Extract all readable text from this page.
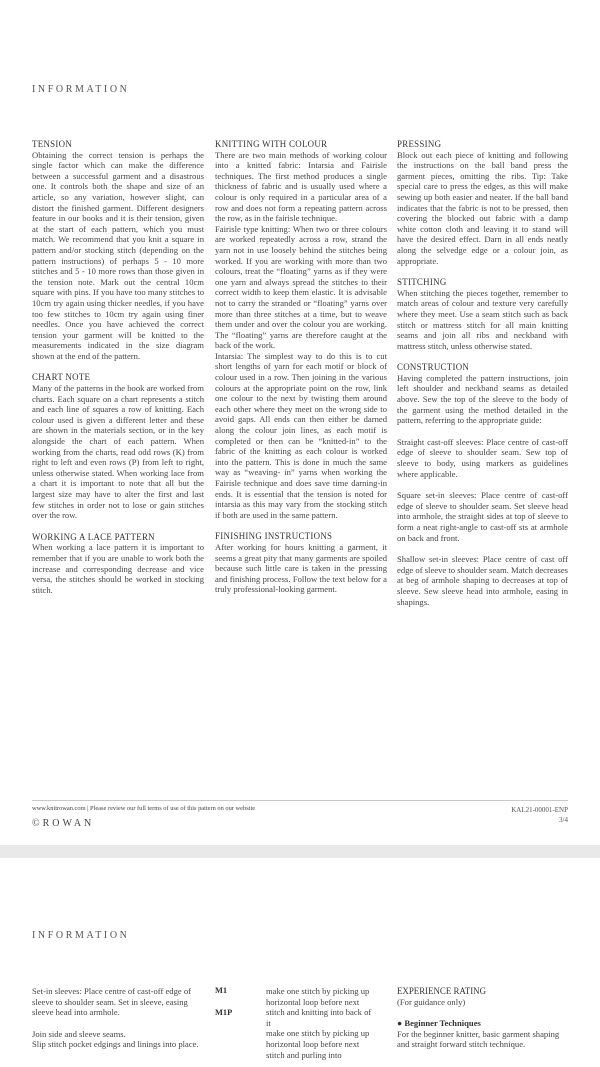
INFORMATION
TENSION

Obtaining the correct tension is perhaps the single factor which can make the difference between a successful garment and a disastrous one. It controls both the shape and size of an article, so any variation, however slight, can distort the finished garment. Different designers feature in our books and it is their tension, given at the start of each pattern, which you must match. We recommend that you knit a square in pattern and/or stocking stitch (depending on the pattern instructions) of perhaps 5 - 10 more stitches and 5 - 10 more rows than those given in the tension note. Mark out the central 10cm square with pins. If you have too many stitches to 10cm try again using thicker needles, if you have too few stitches to 10cm try again using finer needles. Once you have achieved the correct tension your garment will be knitted to the measurements indicated in the size diagram shown at the end of the pattern.

CHART NOTE

Many of the patterns in the book are worked from charts. Each square on a chart represents a stitch and each line of squares a row of knitting. Each colour used is given a different letter and these are shown in the materials section, or in the key alongside the chart of each pattern. When working from the charts, read odd rows (K) from right to left and even rows (P) from left to right, unless otherwise stated. When working lace from a chart it is important to note that all but the largest size may have to alter the first and last few stitches in order not to lose or gain stitches over the row.

WORKING A LACE PATTERN

When working a lace pattern it is important to remember that if you are unable to work both the increase and corresponding decrease and vice versa, the stitches should be worked in stocking stitch.

KNITTING WITH COLOUR

There are two main methods of working colour into a knitted fabric: Intarsia and Fairisle techniques. The first method produces a single thickness of fabric and is usually used where a colour is only required in a particular area of a row and does not form a repeating pattern across the row, as in the fairisle technique.

Fairisle type knitting: When two or three colours are worked repeatedly across a row, strand the yarn not in use loosely behind the stitches being worked. If you are working with more than two colours, treat the “floating” yarns as if they were one yarn and always spread the stitches to their correct width to keep them elastic. It is advisable not to carry the stranded or “floating” yarns over more than three stitches at a time, but to weave them under and over the colour you are working. The “floating” yarns are therefore caught at the back of the work.

Intarsia: The simplest way to do this is to cut short lengths of yarn for each motif or block of colour used in a row. Then joining in the various colours at the appropriate point on the row, link one colour to the next by twisting them around each other where they meet on the wrong side to avoid gaps. All ends can then either be darned along the colour join lines, as each motif is completed or then can be “knitted-in” to the fabric of the knitting as each colour is worked into the pattern. This is done in much the same way as “weaving- in” yarns when working the Fairisle technique and does save time darning-in ends. It is essential that the tension is noted for intarsia as this may vary from the stocking stitch if both are used in the same pattern.

FINISHING INSTRUCTIONS

After working for hours knitting a garment, it seems a great pity that many garments are spoiled because such little care is taken in the pressing and finishing process. Follow the text below for a truly professional-looking garment.

PRESSING

Block out each piece of knitting and following the instructions on the ball band press the garment pieces, omitting the ribs. Tip: Take special care to press the edges, as this will make sewing up both easier and neater. If the ball band indicates that the fabric is not to be pressed, then covering the blocked out fabric with a damp white cotton cloth and leaving it to stand will have the desired effect. Darn in all ends neatly along the selvedge edge or a colour join, as appropriate.

STITCHING

When stitching the pieces together, remember to match areas of colour and texture very carefully where they meet. Use a seam stitch such as back stitch or mattress stitch for all main knitting seams and join all ribs and neckband with mattress stitch, unless otherwise stated.

CONSTRUCTION

Having completed the pattern instructions, join left shoulder and neckband seams as detailed above. Sew the top of the sleeve to the body of the garment using the method detailed in the pattern, referring to the appropriate guide:

Straight cast-off sleeves: Place centre of cast-off edge of sleeve to shoulder seam. Sew top of sleeve to body, using markers as guidelines where applicable.

Square set-in sleeves: Place centre of cast-off edge of sleeve to shoulder seam. Set sleeve head into armhole, the straight sides at top of sleeve to form a neat right-angle to cast-off sts at armhole on back and front.

Shallow set-in sleeves: Place centre of cast off edge of sleeve to shoulder seam. Match decreases at beg of armhole shaping to decreases at top of sleeve. Sew sleeve head into armhole, easing in shapings.

www.knitrowan.com | Please review our full terms of use of this pattern on our website	KAL21-00001-ENP
3/4
©ROWAN
INFORMATION

Set-in sleeves: Place centre of cast-off edge of sleeve to shoulder seam. Set in sleeve, easing sleeve head into armhole.

Join side and sleeve seams.

Slip stitch pocket edgings and linings into place.

M1

M1P

make one stitch by picking up horizontal loop before next stitch and knitting into back of it

make one stitch by picking up horizontal loop before next stitch and purling into

EXPERIENCE RATING
(For guidance only)
● Beginner Techniques
For the beginner knitter, basic garment shaping and straight forward stitch technique.
